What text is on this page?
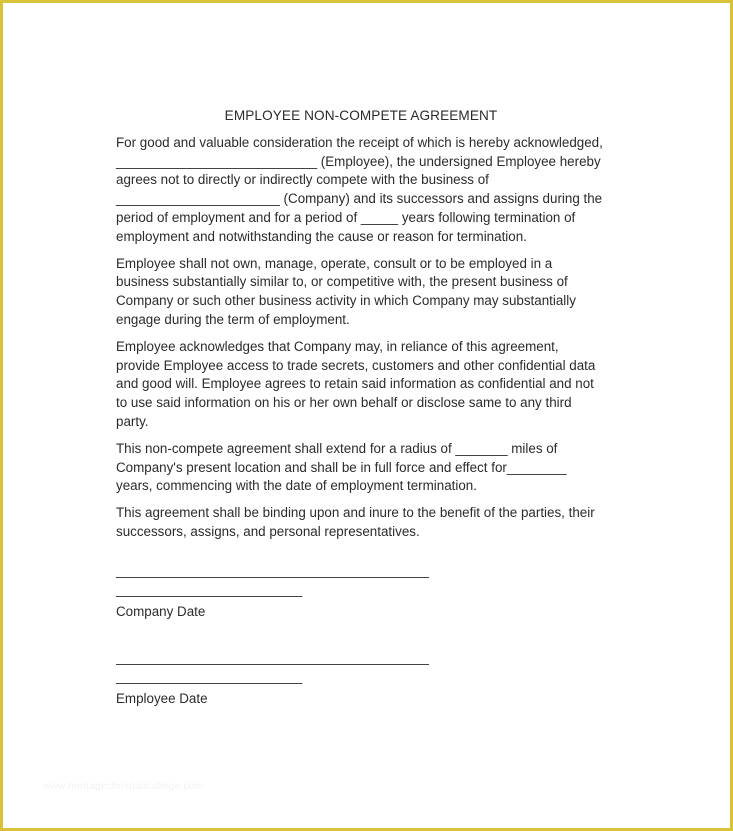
EMPLOYEE NON-COMPETE AGREEMENT

For good and valuable consideration the receipt of which is hereby acknowledged, ___________________________ (Employee), the undersigned Employee hereby agrees not to directly or indirectly compete with the business of ______________________ (Company) and its successors and assigns during the period of employment and for a period of _____ years following termination of employment and notwithstanding the cause or reason for termination.

Employee shall not own, manage, operate, consult or to be employed in a business substantially similar to, or competitive with, the present business of Company or such other business activity in which Company may substantially engage during the term of employment.

Employee acknowledges that Company may, in reliance of this agreement, provide Employee access to trade secrets, customers and other confidential data and good will. Employee agrees to retain said information as confidential and not to use said information on his or her own behalf or disclose same to any third party.

This non-compete agreement shall extend for a radius of _______ miles of Company's present location and shall be in full force and effect for________ years, commencing with the date of employment termination.

This agreement shall be binding upon and inure to the benefit of the parties, their successors, assigns, and personal representatives.

__________________________________________
_________________________
Company Date
__________________________________________
_________________________
Employee Date
www.heritagechristiancollege.com
